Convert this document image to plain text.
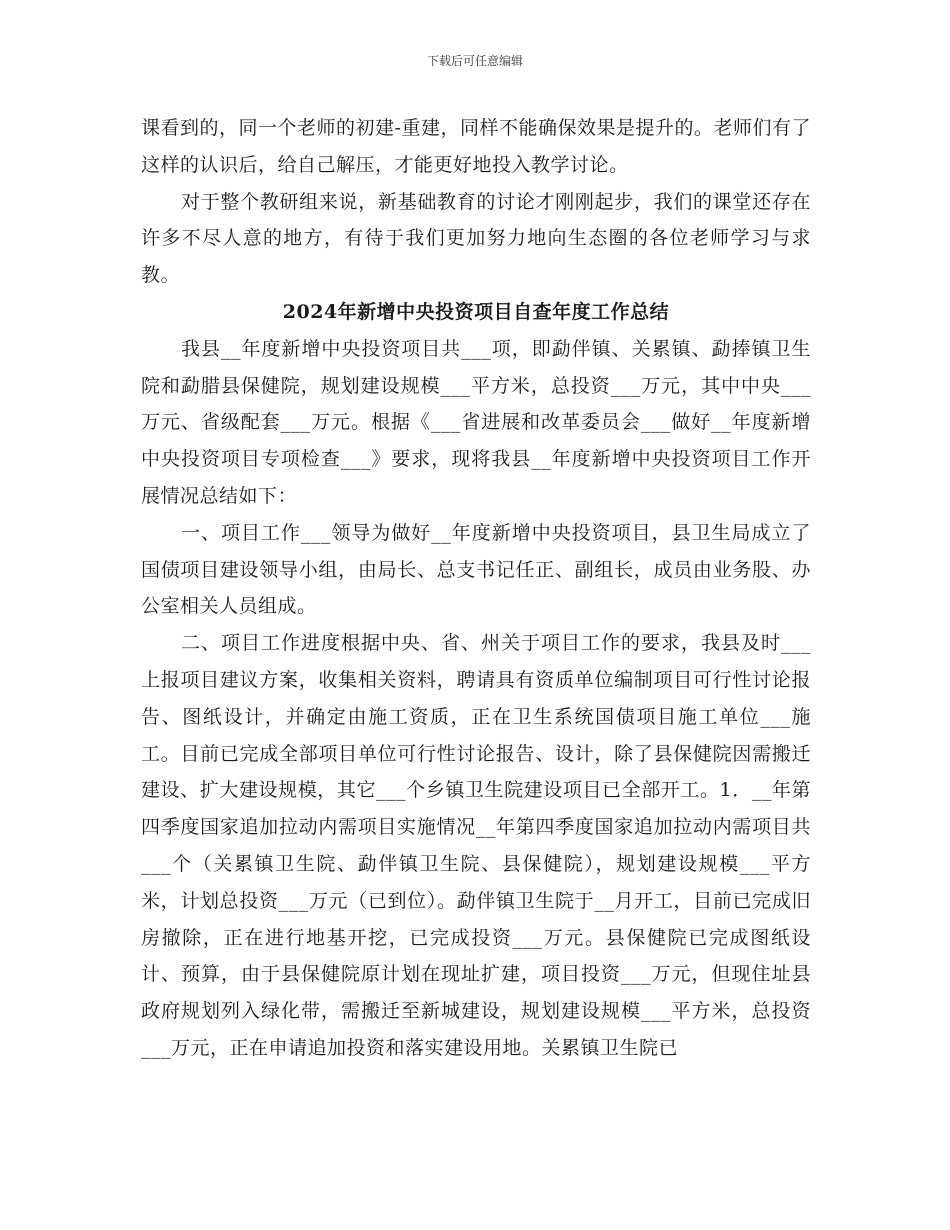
下载后可任意编辑

课看到的，同一个老师的初建-重建，同样不能确保效果是提升的。老师们有了这样的认识后，给自己解压，才能更好地投入教学讨论。

对于整个教研组来说，新基础教育的讨论才刚刚起步，我们的课堂还存在许多不尽人意的地方，有待于我们更加努力地向生态圈的各位老师学习与求教。

2024年新增中央投资项目自查年度工作总结

我县__年度新增中央投资项目共___项，即勐伴镇、关累镇、勐捧镇卫生院和勐腊县保健院，规划建设规模___平方米，总投资___万元，其中中央___万元、省级配套___万元。根据《___省进展和改革委员会___做好__年度新增中央投资项目专项检查___》要求，现将我县__年度新增中央投资项目工作开展情况总结如下：

一、项目工作___领导为做好__年度新增中央投资项目，县卫生局成立了国债项目建设领导小组，由局长、总支书记任正、副组长，成员由业务股、办公室相关人员组成。

二、项目工作进度根据中央、省、州关于项目工作的要求，我县及时___上报项目建议方案，收集相关资料，聘请具有资质单位编制项目可行性讨论报告、图纸设计，并确定由施工资质，正在卫生系统国债项目施工单位___施工。目前已完成全部项目单位可行性讨论报告、设计，除了县保健院因需搬迁建设、扩大建设规模，其它___个乡镇卫生院建设项目已全部开工。1．__年第四季度国家追加拉动内需项目实施情况__年第四季度国家追加拉动内需项目共___个（关累镇卫生院、勐伴镇卫生院、县保健院），规划建设规模___平方米，计划总投资___万元（已到位）。勐伴镇卫生院于__月开工，目前已完成旧房撤除，正在进行地基开挖，已完成投资___万元。县保健院已完成图纸设计、预算，由于县保健院原计划在现址扩建，项目投资___万元，但现住址县政府规划列入绿化带，需搬迁至新城建设，规划建设规模___平方米，总投资___万元，正在申请追加投资和落实建设用地。关累镇卫生院已
